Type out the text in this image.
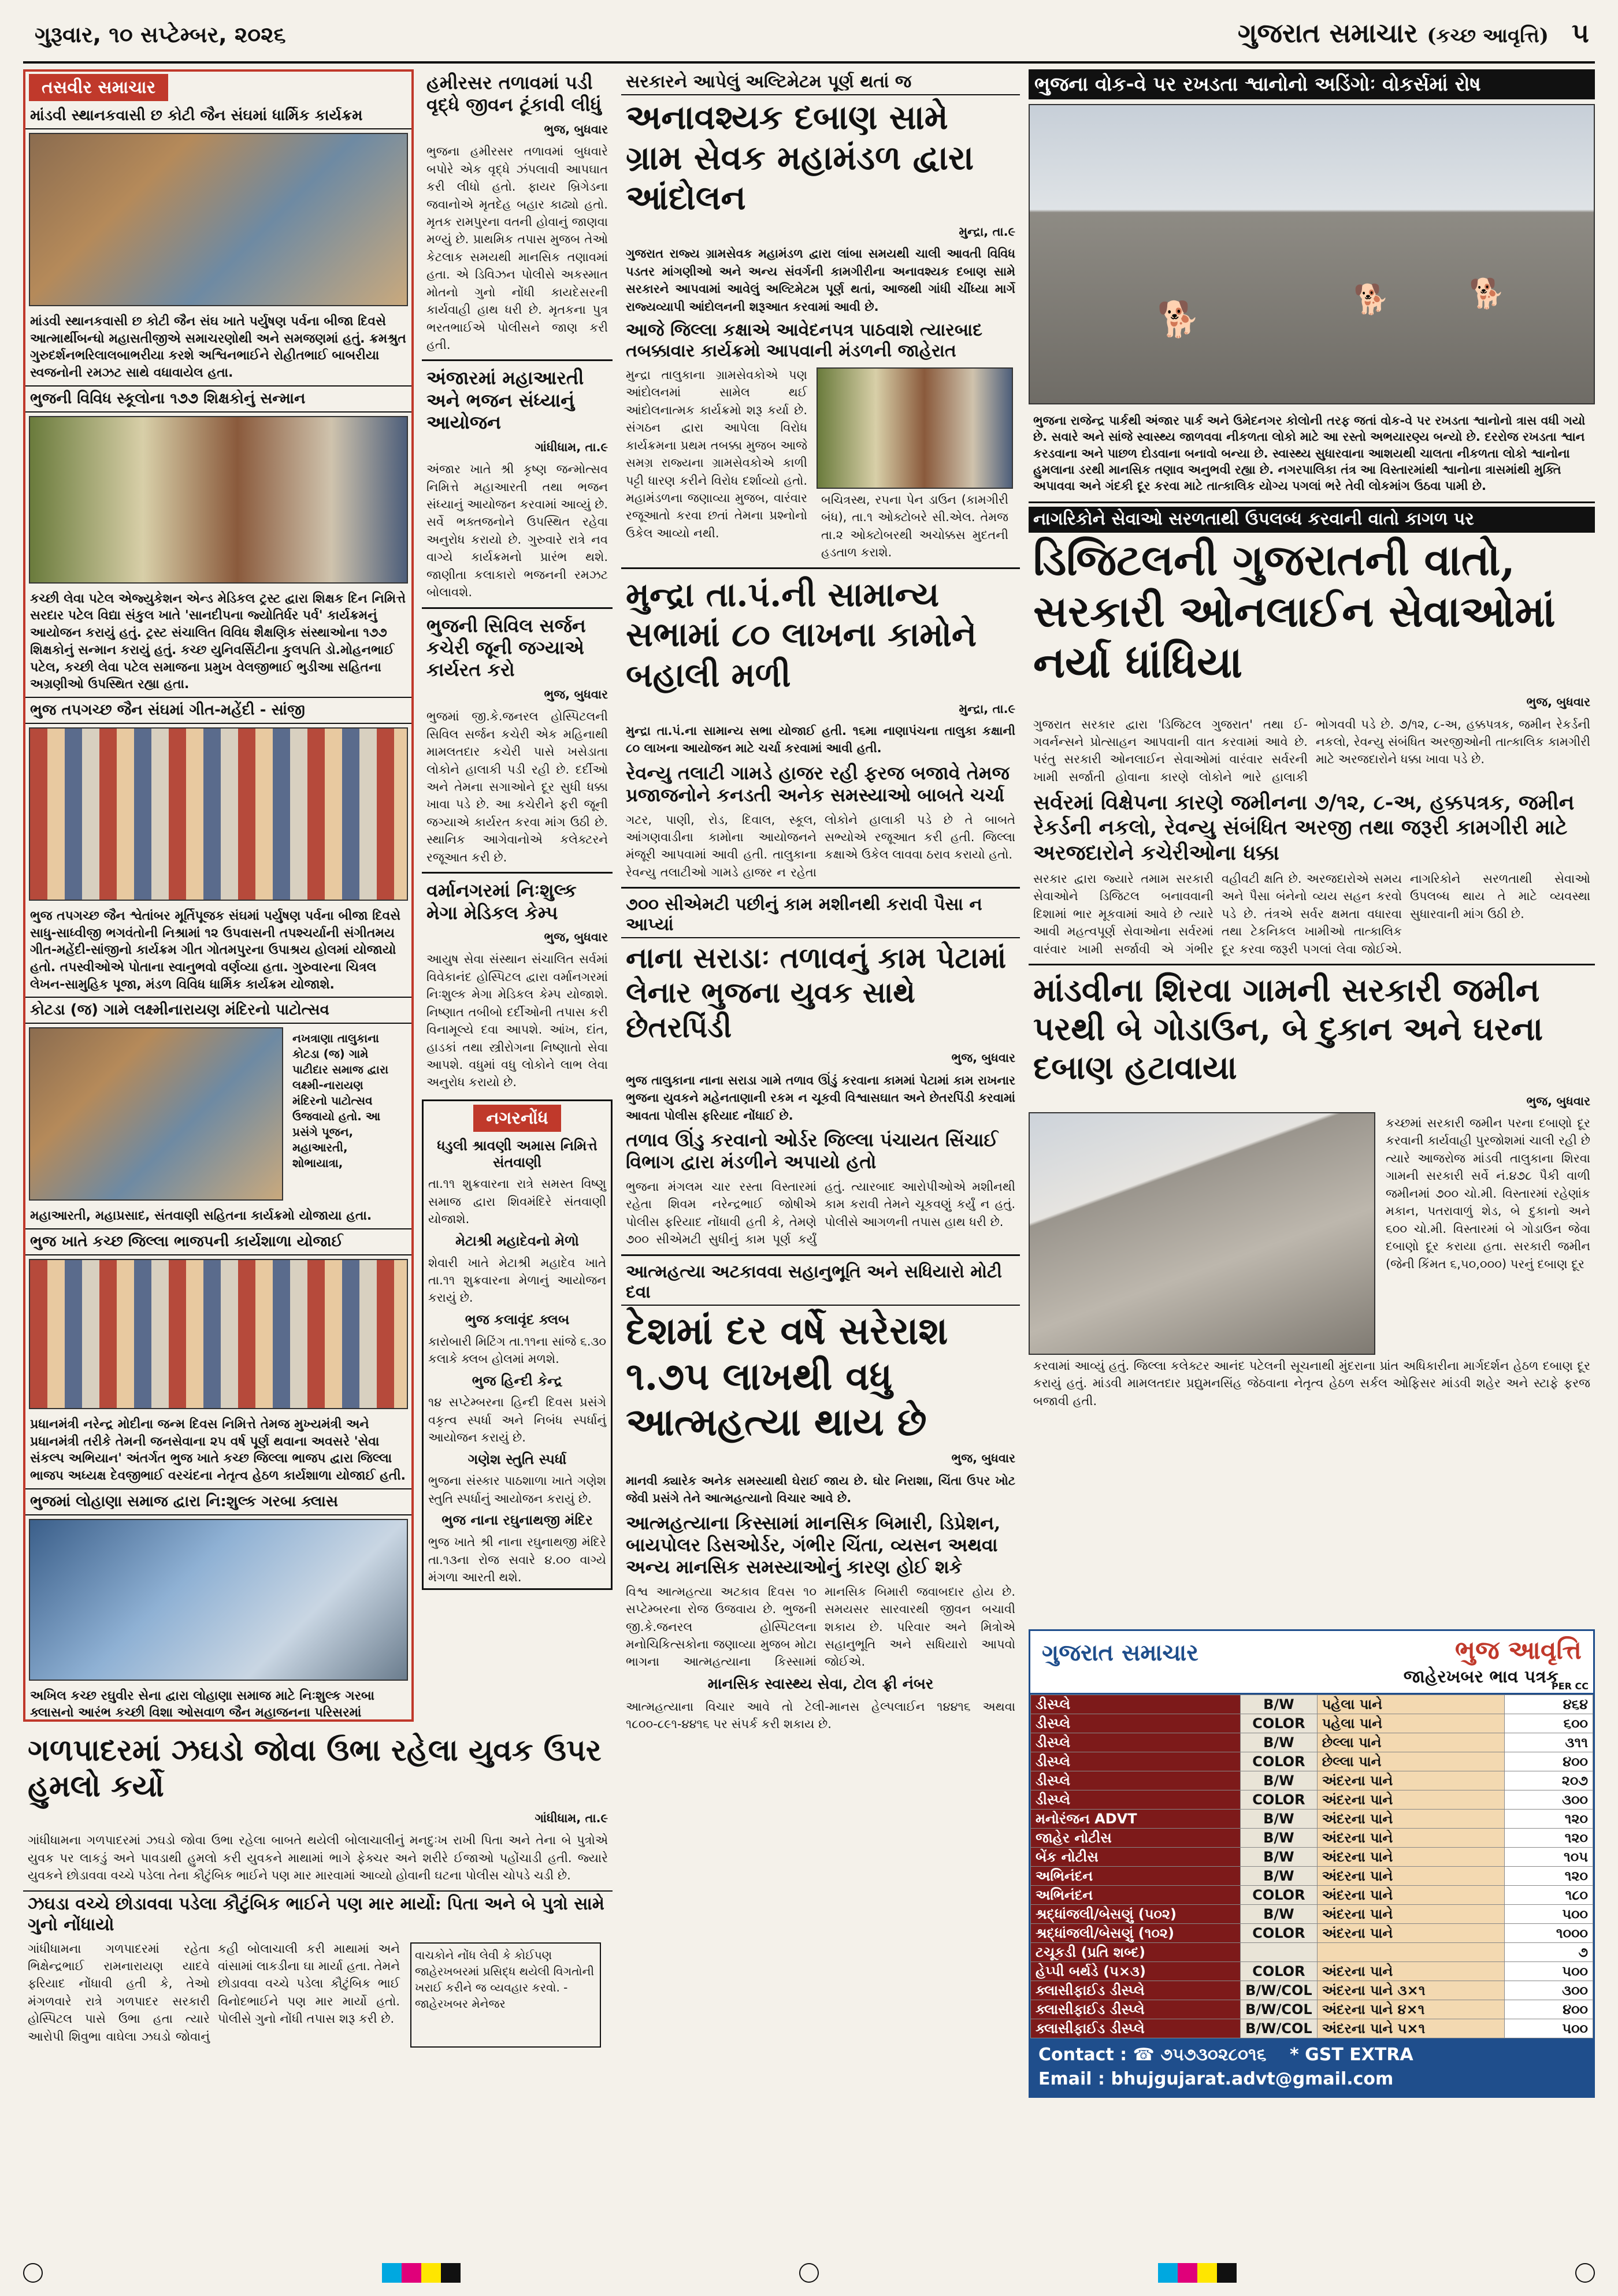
ગુરૂવાર, ૧૦ સપ્ટેમ્બર, ૨૦૨૬	ગુજરાત સમાચાર (કચ્છ આવૃત્તિ) ૫
તસવીર સમાચાર
માંડવી સ્થાનકવાસી છ કોટી જૈન સંઘમાં ધાર્મિક કાર્યક્રમ
માંડવી સ્થાનકવાસી છ કોટી જૈન સંઘ ખાતે પર્યુષણ પર્વના બીજા દિવસે આત્માર્થીબન્ધો મહાસતીજીએ સમાચરણોથી અને સમજણમાં હતું. ક્રમશ્રુત ગુરુદર્શનભરિલાલબાભરીયા કરશે અશ્વિનભાઈને રોહીતભાઈ બાબરીયા સ્વજનોની રમઝટ સાથે વધાવાયેલ હતા.
ભુજની વિવિધ સ્કૂલોના ૧૭૭ શિક્ષકોનું સન્માન
કચ્છી લેવા પટેલ એજ્યુકેશન એન્ડ મેડિકલ ટ્રસ્ટ દ્વારા શિક્ષક દિન નિમિત્તે સરદાર પટેલ વિદ્યા સંકુલ ખાતે 'સાનદીપના જ્યોતિર્ધર પર્વ' કાર્યક્રમનું આયોજન કરાયું હતું. ટ્રસ્ટ સંચાલિત વિવિધ શૈક્ષણિક સંસ્થાઓના ૧૭૭ શિક્ષકોનું સન્માન કરાયું હતું. કચ્છ યુનિવર્સિટીના કુલપતિ ડો.મોહનભાઈ પટેલ, કચ્છી લેવા પટેલ સમાજના પ્રમુખ વેલજીભાઈ ભુડીઆ સહિતના અગ્રણીઓ ઉપસ્થિત રહ્યા હતા.
ભુજ તપગચ્છ જૈન સંઘમાં ગીત-મહેંદી - સાંજી
ભુજ તપગચ્છ જૈન શ્વેતાંબર મૂર્તિપૂજક સંઘમાં પર્યુષણ પર્વના બીજા દિવસે સાધુ-સાધ્વીજી ભગવંતોની નિશ્રામાં ૧૨ ઉપવાસની તપશ્ચર્યાની સંગીતમય ગીત-મહેંદી-સાંજીનો કાર્યક્રમ ગીત ગોતમપુરના ઉપાશ્રય હોલમાં યોજાયો હતો. તપસ્વીઓએ પોતાના સ્વાનુભવો વર્ણવ્યા હતા. ગુરુવારના ચિત્રલ લેખન-સામુહિક પૂજા, મંડળ વિવિધ ધાર્મિક કાર્યક્રમ યોજાશે.
કોટડા (જ) ગામે લક્ષ્મીનારાયણ મંદિરનો પાટોત્સવ
નખત્રાણા તાલુકાના કોટડા (જ) ગામે પાટીદાર સમાજ દ્વારા લક્ષ્મી-નારાયણ મંદિરનો પાટોત્સવ ઉજવાયો હતો. આ પ્રસંગે પૂજન, મહાઆરતી, શોભાયાત્રા,
મહાઆરતી, મહાપ્રસાદ, સંતવાણી સહિતના કાર્યક્રમો યોજાયા હતા.
ભુજ ખાતે કચ્છ જિલ્લા ભાજપની કાર્યશાળા યોજાઈ
પ્રધાનમંત્રી નરેન્દ્ર મોદીના જન્મ દિવસ નિમિત્તે તેમજ મુખ્યમંત્રી અને પ્રધાનમંત્રી તરીકે તેમની જનસેવાના ૨૫ વર્ષ પૂર્ણ થવાના અવસરે 'સેવા સંકલ્પ અભિયાન' અંતર્ગત ભુજ ખાતે કચ્છ જિલ્લા ભાજપ દ્વારા જિલ્લા ભાજપ અધ્યક્ષ દેવજીભાઈ વરચંદના નેતૃત્વ હેઠળ કાર્યશાળા યોજાઈ હતી.
ભુજમાં લોહાણા સમાજ દ્વારા નિ:શુલ્ક ગરબા ક્લાસ
અખિલ કચ્છ રઘુવીર સેના દ્વારા લોહાણા સમાજ માટે નિઃશુલ્ક ગરબા ક્લાસનો આરંભ કચ્છી વિશા ઓસવાળ જૈન મહાજનના પરિસરમાં
ગળપાદરમાં ઝઘડો જોવા ઉભા રહેલા યુવક ઉપર હુમલો કર્યો
ગાંધીધામ, તા.૯
ગાંધીધામના ગળપાદરમાં ઝઘડો જોવા ઉભા રહેલા બાબતે થયેલી બોલાચાલીનું મનદુઃખ રાખી પિતા અને તેના બે પુત્રોએ યુવક પર લાકડું અને પાવડાથી હુમલો કરી યુવકને માથામાં ભાગે ફેક્ચર અને શરીરે ઈજાઓ પહોંચાડી હતી. જ્યારે યુવકને છોડાવવા વચ્ચે પડેલા તેના કૌટુંબિક ભાઈને પણ માર મારવામાં આવ્યો હોવાની ઘટના પોલીસ ચોપડે ચડી છે.
ઝઘડા વચ્ચે છોડાવવા પડેલા કૌટુંબિક ભાઈને પણ માર માર્યો: પિતા અને બે પુત્રો સામે ગુનો નોંધાયો
ગાંધીધામના ગળપાદરમાં રહેતા ભિક્ષેન્દ્રભાઈ રામનારાયણ યાદવે ફરિયાદ નોંધાવી હતી કે, તેઓ મંગળવારે રાત્રે ગળપાદર સરકારી હોસ્પિટલ પાસે ઉભા હતા ત્યારે આરોપી શિવુભા વાઘેલા ઝઘડો જોવાનું કહી બોલાચાલી કરી માથામાં અને વાંસામાં લાકડીના ઘા માર્યા હતા. તેમને છોડાવવા વચ્ચે પડેલા કૌટુંબિક ભાઈ વિનોદભાઈને પણ માર માર્યો હતો. પોલીસે ગુનો નોંધી તપાસ શરૂ કરી છે.
વાચકોને નોંધ લેવી કે કોઈપણ જાહેરખબરમાં પ્રસિદ્ધ થયેલી વિગતોની ખરાઈ કરીને જ વ્યવહાર કરવો. - જાહેરખબર મેનેજર
હમીરસર તળાવમાં પડી વૃદ્ધે જીવન ટૂંકાવી લીધું
ભુજ, બુધવાર
ભુજના હમીરસર તળાવમાં બુધવારે બપોરે એક વૃદ્ધે ઝંપલાવી આપઘાત કરી લીધો હતો. ફાયર બ્રિગેડના જવાનોએ મૃતદેહ બહાર કાઢ્યો હતો. મૃતક રામપુરના વતની હોવાનું જાણવા મળ્યું છે. પ્રાથમિક તપાસ મુજબ તેઓ કેટલાક સમયથી માનસિક તણાવમાં હતા. એ ડિવિઝન પોલીસે અકસ્માત મોતનો ગુનો નોંધી કાયદેસરની કાર્યવાહી હાથ ધરી છે. મૃતકના પુત્ર ભરતભાઈએ પોલીસને જાણ કરી હતી.
અંજારમાં મહાઆરતી અને ભજન સંધ્યાનું આયોજન
ગાંધીધામ, તા.૯
અંજાર ખાતે શ્રી કૃષ્ણ જન્મોત્સવ નિમિત્તે મહાઆરતી તથા ભજન સંધ્યાનું આયોજન કરવામાં આવ્યું છે. સર્વે ભક્તજનોને ઉપસ્થિત રહેવા અનુરોધ કરાયો છે. ગુરુવારે રાત્રે નવ વાગ્યે કાર્યક્રમનો પ્રારંભ થશે. જાણીતા કલાકારો ભજનની રમઝટ બોલાવશે.
ભુજની સિવિલ સર્જન કચેરી જૂની જગ્યાએ કાર્યરત કરો
ભુજ, બુધવાર
ભુજમાં જી.કે.જનરલ હોસ્પિટલની સિવિલ સર્જન કચેરી એક મહિનાથી મામલતદાર કચેરી પાસે ખસેડાતા લોકોને હાલાકી પડી રહી છે. દર્દીઓ અને તેમના સગાઓને દૂર સુધી ધક્કા ખાવા પડે છે. આ કચેરીને ફરી જૂની જગ્યાએ કાર્યરત કરવા માંગ ઉઠી છે. સ્થાનિક આગેવાનોએ કલેક્ટરને રજૂઆત કરી છે.
વર્માનગરમાં નિઃશુલ્ક મેગા મેડિકલ કેમ્પ
ભુજ, બુધવાર
આયુષ સેવા સંસ્થાન સંચાલિત સર્વમાં વિવેકાનંદ હોસ્પિટલ દ્વારા વર્માનગરમાં નિઃશુલ્ક મેગા મેડિકલ કેમ્પ યોજાશે. નિષ્ણાત તબીબો દર્દીઓની તપાસ કરી વિનામૂલ્યે દવા આપશે. આંખ, દાંત, હાડકાં તથા સ્ત્રીરોગના નિષ્ણાતો સેવા આપશે. વધુમાં વધુ લોકોને લાભ લેવા અનુરોધ કરાયો છે.
નગરનોંધ
ધડુલી શ્રાવણી અમાસ નિમિત્તે સંતવાણી
તા.૧૧ શુક્રવારના રાત્રે સમસ્ત વિષ્ણુ સમાજ દ્વારા શિવમંદિરે સંતવાણી યોજાશે.
મેટાશ્રી મહાદેવનો મેળો
શેવારી ખાતે મેટાશ્રી મહાદેવ ખાતે તા.૧૧ શુક્રવારના મેળાનું આયોજન કરાયું છે.
ભુજ કલાવૃંદ ક્લબ
કારોબારી મિટિંગ તા.૧૧ના સાંજે ૬.૩૦ કલાકે ક્લબ હોલમાં મળશે.
ભુજ હિન્દી કેન્દ્ર
૧૪ સપ્ટેમ્બરના હિન્દી દિવસ પ્રસંગે વકૃત્વ સ્પર્ધા અને નિબંધ સ્પર્ધાનું આયોજન કરાયું છે.
ગણેશ સ્તુતિ સ્પર્ધા
ભુજના સંસ્કાર પાઠશાળા ખાતે ગણેશ સ્તુતિ સ્પર્ધાનું આયોજન કરાયું છે.
ભુજ નાના રઘુનાથજી મંદિર
ભુજ ખાતે શ્રી નાના રઘુનાથજી મંદિરે તા.૧૩ના રોજ સવારે ૪.૦૦ વાગ્યે મંગળા આરતી થશે.
સરકારને આપેલું અલ્ટિમેટમ પૂર્ણ થતાં જ
અનાવશ્યક દબાણ સામે ગ્રામ સેવક મહામંડળ દ્વારા આંદોલન
મુન્દ્રા, તા.૯
ગુજરાત રાજ્ય ગ્રામસેવક મહામંડળ દ્વારા લાંબા સમયથી ચાલી આવતી વિવિધ પડતર માંગણીઓ અને અન્ય સંવર્ગની કામગીરીના અનાવશ્યક દબાણ સામે સરકારને આપવામાં આવેલું અલ્ટિમેટમ પૂર્ણ થતાં, આજથી ગાંધી ચીંધ્યા માર્ગે રાજ્યવ્યાપી આંદોલનની શરૂઆત કરવામાં આવી છે.
આજે જિલ્લા કક્ષાએ આવેદનપત્ર પાઠવાશે ત્યારબાદ તબક્કાવાર કાર્યક્રમો આપવાની મંડળની જાહેરાત
મુન્દ્રા તાલુકાના ગ્રામસેવકોએ પણ આંદોલનમાં સામેલ થઈ આંદોલનાત્મક કાર્યક્રમો શરૂ કર્યા છે. સંગઠન દ્વારા આપેલા વિરોધ કાર્યક્રમના પ્રથમ તબક્કા મુજબ આજે સમગ્ર રાજ્યના ગ્રામસેવકોએ કાળી પટ્ટી ધારણ કરીને વિરોધ દર્શાવ્યો હતો. મહામંડળના જણાવ્યા મુજબ, વારંવાર રજૂઆતો કરવા છતાં તેમના પ્રશ્નોનો ઉકેલ આવ્યો નથી.
બચિત્રસ્થ, ર૫ના પેન ડાઉન (કામગીરી બંધ), તા.૧ ઓક્ટોબરે સી.એલ. તેમજ તા.૨ ઓક્ટોબરથી અચોક્કસ મુદતની હડતાળ કરાશે.
મુન્દ્રા તા.પં.ની સામાન્ય સભામાં ૮૦ લાખના કામોને બહાલી મળી
મુન્દ્રા, તા.૯
મુન્દ્રા તા.પં.ના સામાન્ય સભા યોજાઈ હતી. ૧૬મા નાણાપંચના તાલુકા કક્ષાની ૮૦ લાખના આયોજન માટે ચર્ચા કરવામાં આવી હતી.
રેવન્યુ તલાટી ગામડે હાજર રહી ફરજ બજાવે તેમજ પ્રજાજનોને કનડતી અનેક સમસ્યાઓ બાબતે ચર્ચા
ગટર, પાણી, રોડ, દિવાલ, સ્કૂલ, આંગણવાડીના કામોના આયોજનને મંજૂરી આપવામાં આવી હતી. તાલુકાના રેવન્યુ તલાટીઓ ગામડે હાજર ન રહેતા લોકોને હાલાકી પડે છે તે બાબતે સભ્યોએ રજૂઆત કરી હતી. જિલ્લા કક્ષાએ ઉકેલ લાવવા ઠરાવ કરાયો હતો.
૭૦૦ સીએમટી પછીનું કામ મશીનથી કરાવી પૈસા ન આપ્યાં
નાના સરાડાઃ તળાવનું કામ પેટામાં લેનાર ભુજના યુવક સાથે છેતરપિંડી
ભુજ, બુધવાર
ભુજ તાલુકાના નાના સરાડા ગામે તળાવ ઊંડું કરવાના કામમાં પેટામાં કામ રાખનાર ભુજના યુવકને મહેનતાણાની રકમ ન ચૂકવી વિશ્વાસઘાત અને છેતરપિંડી કરવામાં આવતા પોલીસ ફરિયાદ નોંધાઈ છે.
તળાવ ઊંડુ કરવાનો ઓર્ડર જિલ્લા પંચાયત સિંચાઈ વિભાગ દ્વારા મંડળીને અપાયો હતો
ભુજના મંગલમ ચાર રસ્તા વિસ્તારમાં રહેતા શિવમ નરેન્દ્રભાઈ જોષીએ પોલીસ ફરિયાદ નોંધાવી હતી કે, તેમણે ૭૦૦ સીએમટી સુધીનું કામ પૂર્ણ કર્યું હતું. ત્યારબાદ આરોપીઓએ મશીનથી કામ કરાવી તેમને ચૂકવણું કર્યું ન હતું. પોલીસે આગળની તપાસ હાથ ધરી છે.
આત્મહત્યા અટકાવવા સહાનુભૂતિ અને સધિયારો મોટી દવા
દેશમાં દર વર્ષે સરેરાશ ૧.૭૫ લાખથી વધુ આત્મહત્યા થાય છે
ભુજ, બુધવાર
માનવી ક્યારેક અનેક સમસ્યાથી ઘેરાઈ જાય છે. ઘોર નિરાશા, ચિંતા ઉપર ખોટ જેવી પ્રસંગે તેને આત્મહત્યાનો વિચાર આવે છે.
આત્મહત્યાના કિસ્સામાં માનસિક બિમારી, ડિપ્રેશન, બાયપોલર ડિસઓર્ડર, ગંભીર ચિંતા, વ્યસન અથવા અન્ય માનસિક સમસ્યાઓનું કારણ હોઈ શકે
વિશ્વ આત્મહત્યા અટકાવ દિવસ ૧૦ સપ્ટેમ્બરના રોજ ઉજવાય છે. ભુજની જી.કે.જનરલ હોસ્પિટલના મનોચિકિત્સકોના જણાવ્યા મુજબ મોટા ભાગના આત્મહત્યાના કિસ્સામાં માનસિક બિમારી જવાબદાર હોય છે. સમયસર સારવારથી જીવન બચાવી શકાય છે. પરિવાર અને મિત્રોએ સહાનુભૂતિ અને સધિયારો આપવો જોઈએ.
માનસિક સ્વાસ્થ્ય સેવા, ટોલ ફ્રી નંબર
આત્મહત્યાના વિચાર આવે તો ટેલી-માનસ હેલ્પલાઈન ૧૪૪૧૬ અથવા ૧૮૦૦-૮૯૧-૪૪૧૬ પર સંપર્ક કરી શકાય છે.
ભુજના વોક-વે પર રખડતા શ્વાનોનો અડિંગોઃ વોકર્સમાં રોષ
🐕	🐕	🐕
ભુજના રાજેન્દ્ર પાર્કથી અંજાર પાર્ક અને ઉમેદનગર કોલોની તરફ જતાં વોક-વે પર રખડતા શ્વાનોનો ત્રાસ વધી ગયો છે. સવારે અને સાંજે સ્વાસ્થ્ય જાળવવા નીકળતા લોકો માટે આ રસ્તો અભયારણ્ય બન્યો છે. દરરોજ રખડતા શ્વાન કરડવાના અને પાછળ દોડવાના બનાવો બન્યા છે. સ્વાસ્થ્ય સુધારવાના આશયથી ચાલતા નીકળતા લોકો શ્વાનોના હુમલાના ડરથી માનસિક તણાવ અનુભવી રહ્યા છે. નગરપાલિકા તંત્ર આ વિસ્તારમાંથી શ્વાનોના ત્રાસમાંથી મુક્તિ અપાવવા અને ગંદકી દૂર કરવા માટે તાત્કાલિક યોગ્ય પગલાં ભરે તેવી લોકમાંગ ઉઠવા પામી છે.
નાગરિકોને સેવાઓ સરળતાથી ઉપલબ્ધ કરવાની વાતો કાગળ પર
ડિજિટલની ગુજરાતની વાતો, સરકારી ઓનલાઈન સેવાઓમાં નર્યા ધાંધિયા
ભુજ, બુધવાર
ગુજરાત સરકાર દ્વારા 'ડિજિટલ ગુજરાત' તથા ઈ-ગવર્નન્સને પ્રોત્સાહન આપવાની વાત કરવામાં આવે છે. પરંતુ સરકારી ઓનલાઈન સેવાઓમાં વારંવાર સર્વરની ખામી સર્જાતી હોવાના કારણે લોકોને ભારે હાલાકી ભોગવવી પડે છે. ૭/૧૨, ૮-અ, હક્કપત્રક, જમીન રેકર્ડની નકલો, રેવન્યુ સંબંધિત અરજીઓની તાત્કાલિક કામગીરી માટે અરજદારોને ધક્કા ખાવા પડે છે.
સર્વરમાં વિક્ષેપના કારણે જમીનના ૭/૧૨, ૮-અ, હક્કપત્રક, જમીન રેકર્ડની નકલો, રેવન્યુ સંબંધિત અરજી તથા જરૂરી કામગીરી માટે અરજદારોને કચેરીઓના ધક્કા
સરકાર દ્વારા જ્યારે તમામ સરકારી સેવાઓને ડિજિટલ બનાવવાની દિશામાં ભાર મૂકવામાં આવે છે ત્યારે આવી મહત્વપૂર્ણ સેવાઓના સર્વરમાં વારંવાર ખામી સર્જાવી એ ગંભીર વહીવટી ક્ષતિ છે. અરજદારોએ સમય અને પૈસા બંનેનો વ્યય સહન કરવો પડે છે. તંત્રએ સર્વર ક્ષમતા વધારવા તથા ટેકનિકલ ખામીઓ તાત્કાલિક દૂર કરવા જરૂરી પગલાં લેવા જોઈએ. નાગરિકોને સરળતાથી સેવાઓ ઉપલબ્ધ થાય તે માટે વ્યવસ્થા સુધારવાની માંગ ઉઠી છે.
માંડવીના શિરવા ગામની સરકારી જમીન પરથી બે ગોડાઉન, બે દુકાન અને ઘરના દબાણ હટાવાયા
ભુજ, બુધવાર
કચ્છમાં સરકારી જમીન પરના દબાણો દૂર કરવાની કાર્યવાહી પુરજોશમાં ચાલી રહી છે ત્યારે આજરોજ માંડવી તાલુકાના શિરવા ગામની સરકારી સર્વે નં.૪૭૮ પૈકી વાળી જમીનમાં ૭૦૦ ચો.મી. વિસ્તારમાં રહેણાંક મકાન, પતરાવાળું શેડ, બે દુકાનો અને ૬૦૦ ચો.મી. વિસ્તારમાં બે ગોડાઉન જેવા દબાણો દૂર કરાયા હતા. સરકારી જમીન (જેની કિંમત ૬,૫૦,૦૦૦) પરનું દબાણ દૂર
કરવામાં આવ્યું હતું. જિલ્લા કલેક્ટર આનંદ પટેલની સૂચનાથી મુંદરાના પ્રાંત અધિકારીના માર્ગદર્શન હેઠળ દબાણ દૂર કરાયું હતું. માંડવી મામલતદાર પ્રદ્યુમનસિંહ જેઠવાના નેતૃત્વ હેઠળ સર્કલ ઓફિસર માંડવી શહેર અને સ્ટાફે ફરજ બજાવી હતી.
ગુજરાત સમાચાર	ભુજ આવૃત્તિ
જાહેરખબર ભાવ પત્રક
PER CC
ડીસ્પ્લે	B/W	પહેલા પાને	૪૬૪
ડીસ્પ્લે	COLOR	પહેલા પાને	૬૦૦
ડીસ્પ્લે	B/W	છેલ્લા પાને	૩૧૧
ડીસ્પ્લે	COLOR	છેલ્લા પાને	૪૦૦
ડીસ્પ્લે	B/W	અંદરના પાને	૨૦૭
ડીસ્પ્લે	COLOR	અંદરના પાને	૩૦૦
મનોરંજન ADVT	B/W	અંદરના પાને	૧૨૦
જાહેર નોટીસ	B/W	અંદરના પાને	૧૨૦
બેંક નોટીસ	B/W	અંદરના પાને	૧૦૫
અભિનંદન	B/W	અંદરના પાને	૧૨૦
અભિનંદન	COLOR	અંદરના પાને	૧૮૦
શ્રદ્ધાંજલી/બેસણું (૫૦૨)	B/W	અંદરના પાને	૫૦૦
શ્રદ્ધાંજલી/બેસણું (૧૦૨)	COLOR	અંદરના પાને	૧૦૦૦
ટચૂકડી (પ્રતિ શબ્દ)			૭
હેપ્પી બર્થડે (૫×૩)	COLOR	અંદરના પાને	૫૦૦
ક્લાસીફાઈડ ડીસ્પ્લે	B/W/COL	અંદરના પાને ૩×૧	૩૦૦
ક્લાસીફાઈડ ડીસ્પ્લે	B/W/COL	અંદરના પાને ૪×૧	૪૦૦
ક્લાસીફાઈડ ડીસ્પ્લે	B/W/COL	અંદરના પાને ૫×૧	૫૦૦
Contact : ☎ ૭૫૭૩૦૨૮૦૧૬ * GST EXTRA
Email : bhujgujarat.advt@gmail.com
